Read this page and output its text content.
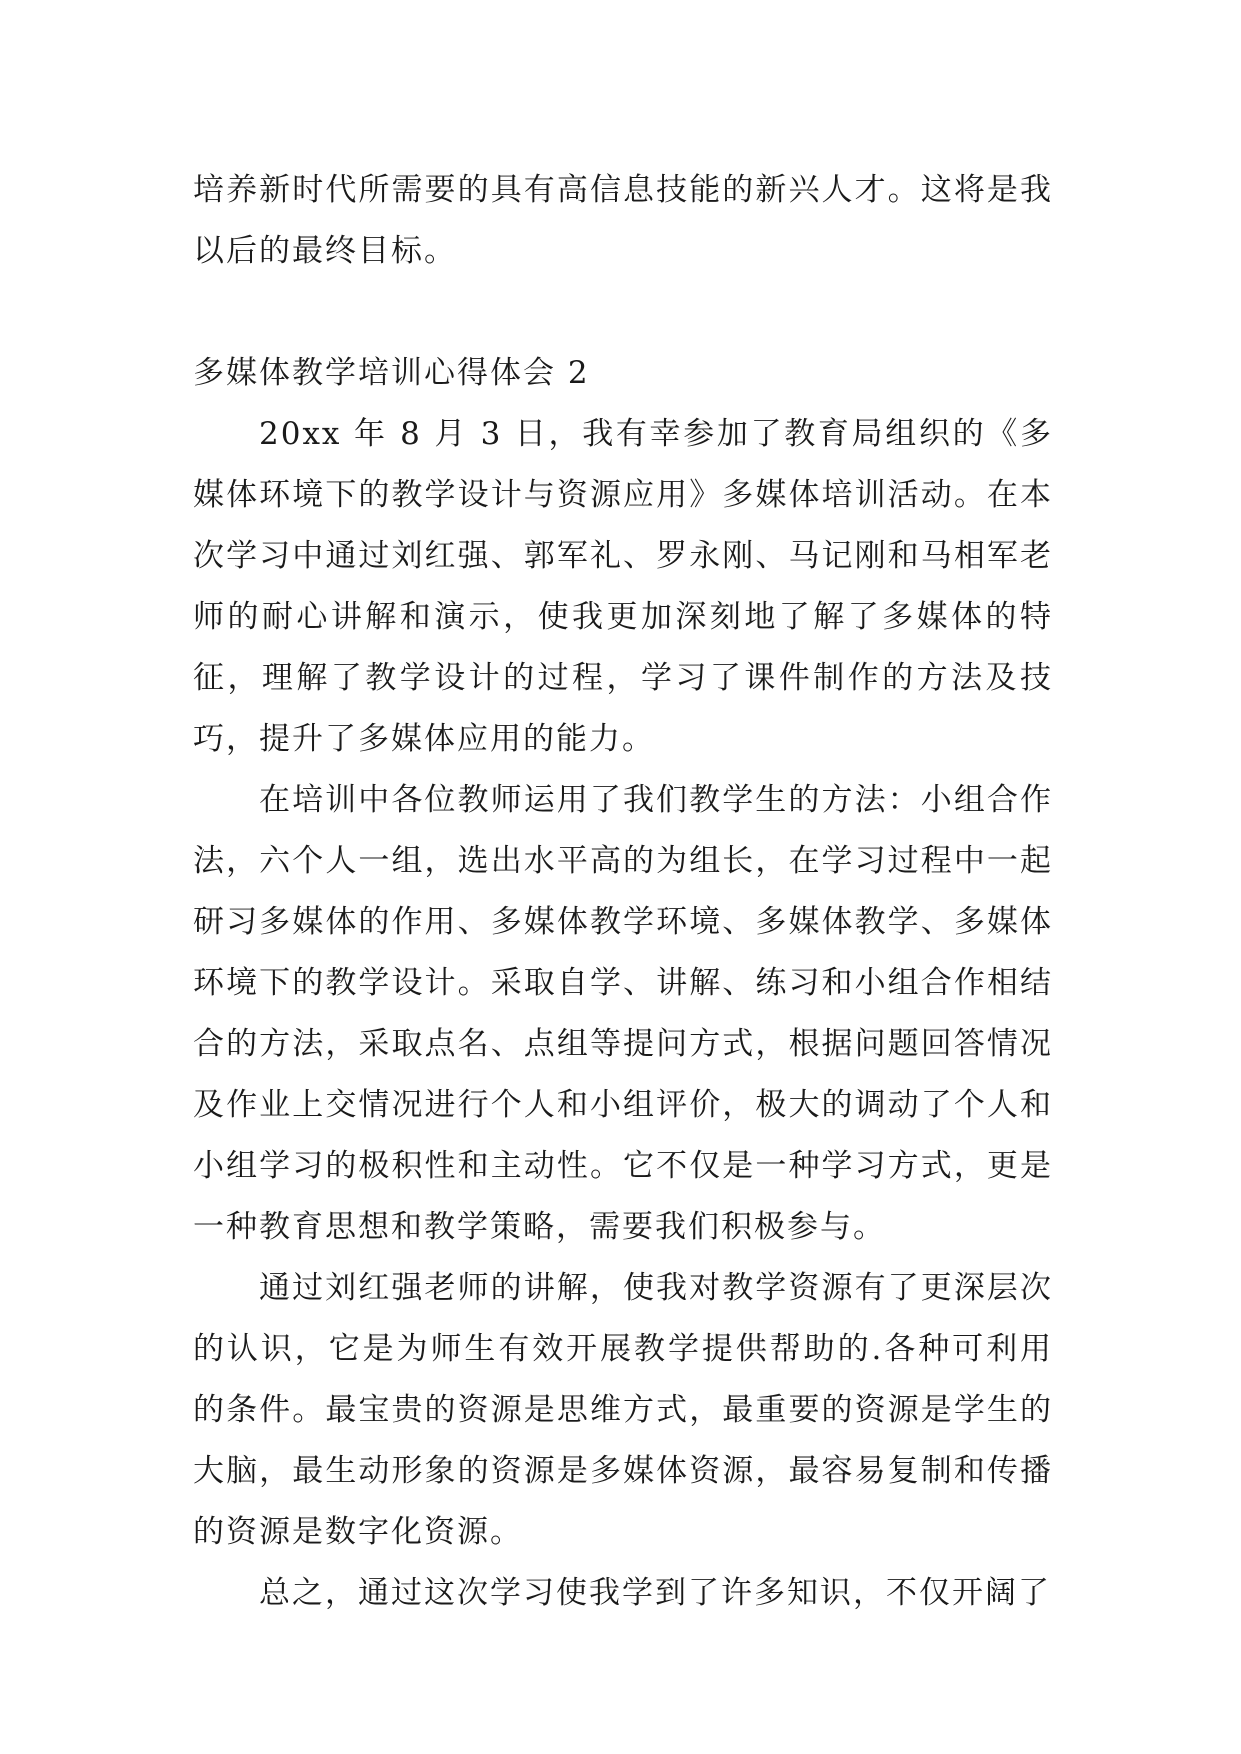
培养新时代所需要的具有高信息技能的新兴人才。这将是我以后的最终目标。

多媒体教学培训心得体会 2

20xx 年 8 月 3 日，我有幸参加了教育局组织的《多媒体环境下的教学设计与资源应用》多媒体培训活动。在本次学习中通过刘红强、郭军礼、罗永刚、马记刚和马相军老师的耐心讲解和演示，使我更加深刻地了解了多媒体的特征，理解了教学设计的过程，学习了课件制作的方法及技巧，提升了多媒体应用的能力。

在培训中各位教师运用了我们教学生的方法：小组合作法，六个人一组，选出水平高的为组长，在学习过程中一起研习多媒体的作用、多媒体教学环境、多媒体教学、多媒体环境下的教学设计。采取自学、讲解、练习和小组合作相结合的方法，采取点名、点组等提问方式，根据问题回答情况及作业上交情况进行个人和小组评价，极大的调动了个人和小组学习的极积性和主动性。它不仅是一种学习方式，更是一种教育思想和教学策略，需要我们积极参与。

通过刘红强老师的讲解，使我对教学资源有了更深层次的认识，它是为师生有效开展教学提供帮助的.各种可利用的条件。最宝贵的资源是思维方式，最重要的资源是学生的大脑，最生动形象的资源是多媒体资源，最容易复制和传播的资源是数字化资源。

总之，通过这次学习使我学到了许多知识，不仅开阔了
